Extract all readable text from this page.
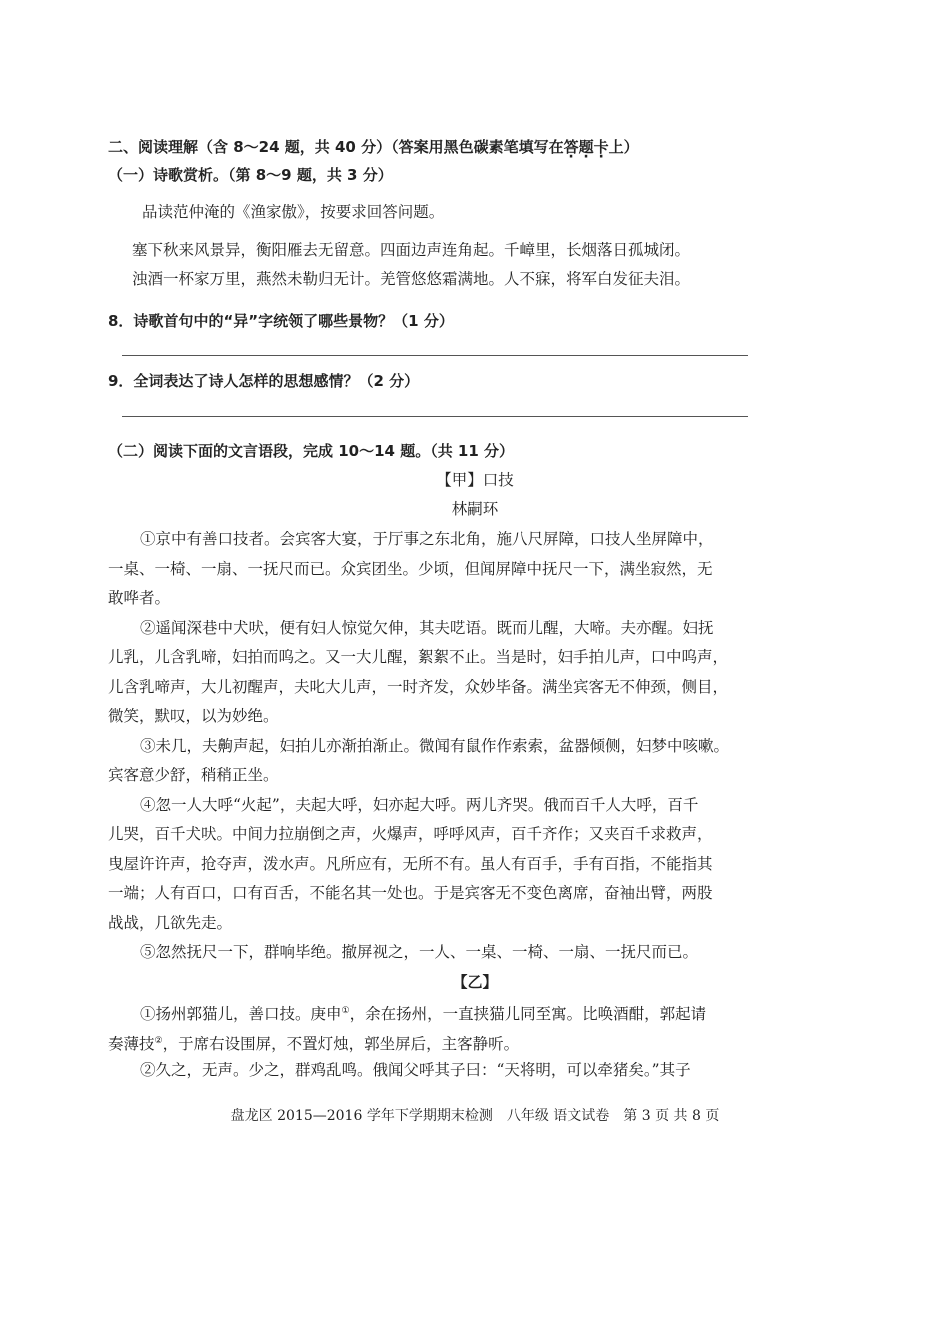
二、阅读理解（含 8～24 题，共 40 分）（答案用黑色碳素笔填写在答题卡上）
（一）诗歌赏析。（第 8～9 题，共 3 分）
品读范仲淹的《渔家傲》，按要求回答问题。
塞下秋来风景异，衡阳雁去无留意。四面边声连角起。千嶂里，长烟落日孤城闭。
浊酒一杯家万里，燕然未勒归无计。羌管悠悠霜满地。人不寐，将军白发征夫泪。
8．诗歌首句中的“异”字统领了哪些景物？（1 分）
9．全词表达了诗人怎样的思想感情？（2 分）
（二）阅读下面的文言语段，完成 10～14 题。（共 11 分）
【甲】口技
林嗣环
①京中有善口技者。会宾客大宴，于厅事之东北角，施八尺屏障，口技人坐屏障中，
一桌、一椅、一扇、一抚尺而已。众宾团坐。少顷，但闻屏障中抚尺一下，满坐寂然，无
敢哗者。
②遥闻深巷中犬吠，便有妇人惊觉欠伸，其夫呓语。既而儿醒，大啼。夫亦醒。妇抚
儿乳，儿含乳啼，妇拍而呜之。又一大儿醒，絮絮不止。当是时，妇手拍儿声，口中呜声，
儿含乳啼声，大儿初醒声，夫叱大儿声，一时齐发，众妙毕备。满坐宾客无不伸颈，侧目，
微笑，默叹，以为妙绝。
③未几，夫齁声起，妇拍儿亦渐拍渐止。微闻有鼠作作索索，盆器倾侧，妇梦中咳嗽。
宾客意少舒，稍稍正坐。
④忽一人大呼“火起”，夫起大呼，妇亦起大呼。两儿齐哭。俄而百千人大呼，百千
儿哭，百千犬吠。中间力拉崩倒之声，火爆声，呼呼风声，百千齐作；又夹百千求救声，
曳屋许许声，抢夺声，泼水声。凡所应有，无所不有。虽人有百手，手有百指，不能指其
一端；人有百口，口有百舌，不能名其一处也。于是宾客无不变色离席，奋袖出臂，两股
战战，几欲先走。
⑤忽然抚尺一下，群响毕绝。撤屏视之，一人、一桌、一椅、一扇、一抚尺而已。
【乙】
①扬州郭猫儿，善口技。庚申①，余在扬州，一直挟猫儿同至寓。比唤酒酣，郭起请
奏薄技②，于席右设围屏，不置灯烛，郭坐屏后，主客静听。
②久之，无声。少之，群鸡乱鸣。俄闻父呼其子曰：“天将明，可以牵猪矣。”其子
盘龙区 2015—2016 学年下学期期末检测　八年级 语文试卷　第 3 页 共 8 页
